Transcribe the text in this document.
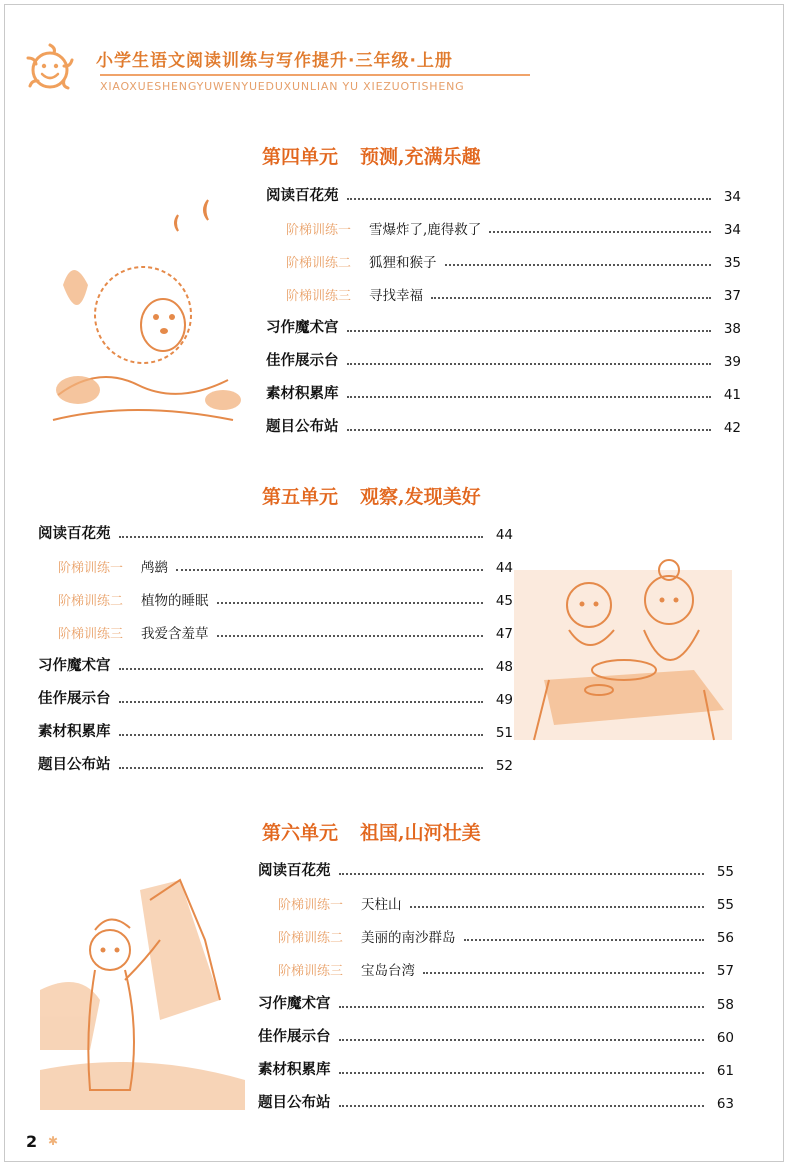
小学生语文阅读训练与写作提升·三年级·上册
XIAOXUESHENGYUWENYUEDUXUNLIAN YU XIEZUOTISHENG
第四单元 预测,充满乐趣
阅读百花苑	34
阶梯训练一 雪爆炸了,鹿得救了	34
阶梯训练二 狐狸和猴子	35
阶梯训练三 寻找幸福	37
习作魔术宫	38
佳作展示台	39
素材积累库	41
题目公布站	42
第五单元 观察,发现美好
阅读百花苑	44
阶梯训练一 鸬鹚	44
阶梯训练二 植物的睡眠	45
阶梯训练三 我爱含羞草	47
习作魔术宫	48
佳作展示台	49
素材积累库	51
题目公布站	52
第六单元 祖国,山河壮美
阅读百花苑	55
阶梯训练一 天柱山	55
阶梯训练二 美丽的南沙群岛	56
阶梯训练三 宝岛台湾	57
习作魔术宫	58
佳作展示台	60
素材积累库	61
题目公布站	63
2 ✱
